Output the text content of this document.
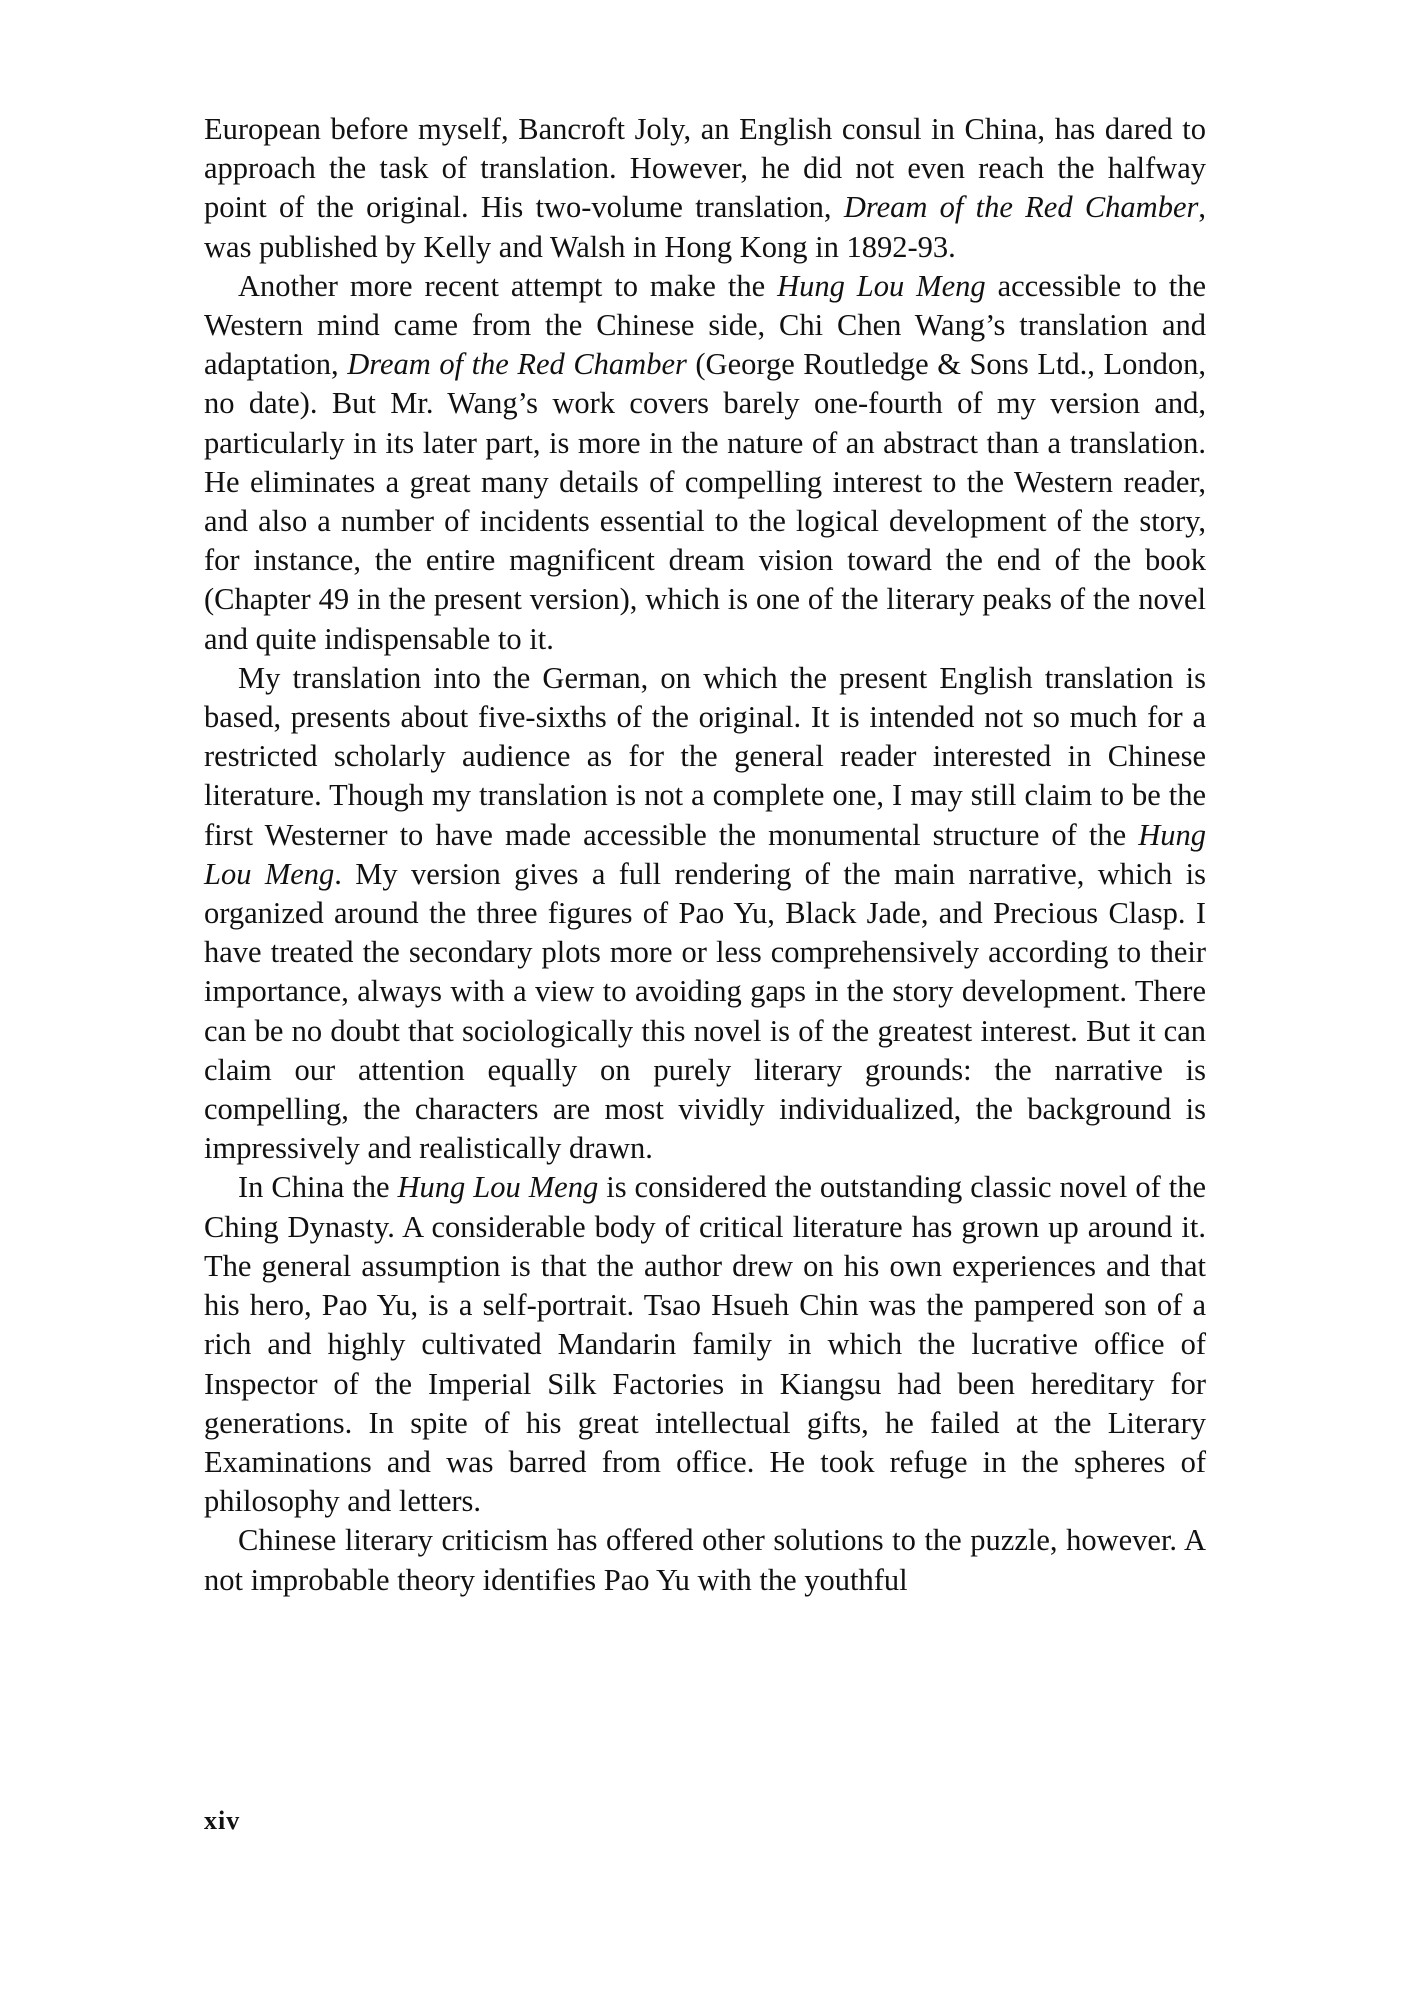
European before myself, Bancroft Joly, an English consul in China, has dared to approach the task of translation. However, he did not even reach the halfway point of the original. His two-volume translation, Dream of the Red Chamber, was published by Kelly and Walsh in Hong Kong in 1892-93.

Another more recent attempt to make the Hung Lou Meng accessible to the Western mind came from the Chinese side, Chi Chen Wang’s translation and adaptation, Dream of the Red Chamber (George Routledge & Sons Ltd., London, no date). But Mr. Wang’s work covers barely one-fourth of my version and, particularly in its later part, is more in the nature of an abstract than a translation. He eliminates a great many details of compelling interest to the Western reader, and also a number of incidents essential to the logical development of the story, for instance, the entire magnificent dream vision toward the end of the book (Chapter 49 in the present version), which is one of the literary peaks of the novel and quite indispensable to it.

My translation into the German, on which the present English translation is based, presents about five-sixths of the original. It is intended not so much for a restricted scholarly audience as for the general reader interested in Chinese literature. Though my translation is not a complete one, I may still claim to be the first Westerner to have made accessible the monumental structure of the Hung Lou Meng. My version gives a full rendering of the main narrative, which is organized around the three figures of Pao Yu, Black Jade, and Precious Clasp. I have treated the secondary plots more or less comprehensively according to their importance, always with a view to avoiding gaps in the story development. There can be no doubt that sociologically this novel is of the greatest interest. But it can claim our attention equally on purely literary grounds: the narrative is compelling, the characters are most vividly individualized, the background is impressively and realistically drawn.

In China the Hung Lou Meng is considered the outstanding classic novel of the Ching Dynasty. A considerable body of critical literature has grown up around it. The general assumption is that the author drew on his own experiences and that his hero, Pao Yu, is a self-portrait. Tsao Hsueh Chin was the pampered son of a rich and highly cultivated Mandarin family in which the lucrative office of Inspector of the Imperial Silk Factories in Kiangsu had been hereditary for generations. In spite of his great intellectual gifts, he failed at the Literary Examinations and was barred from office. He took refuge in the spheres of philosophy and letters.

Chinese literary criticism has offered other solutions to the puzzle, however. A not improbable theory identifies Pao Yu with the youthful

xiv
